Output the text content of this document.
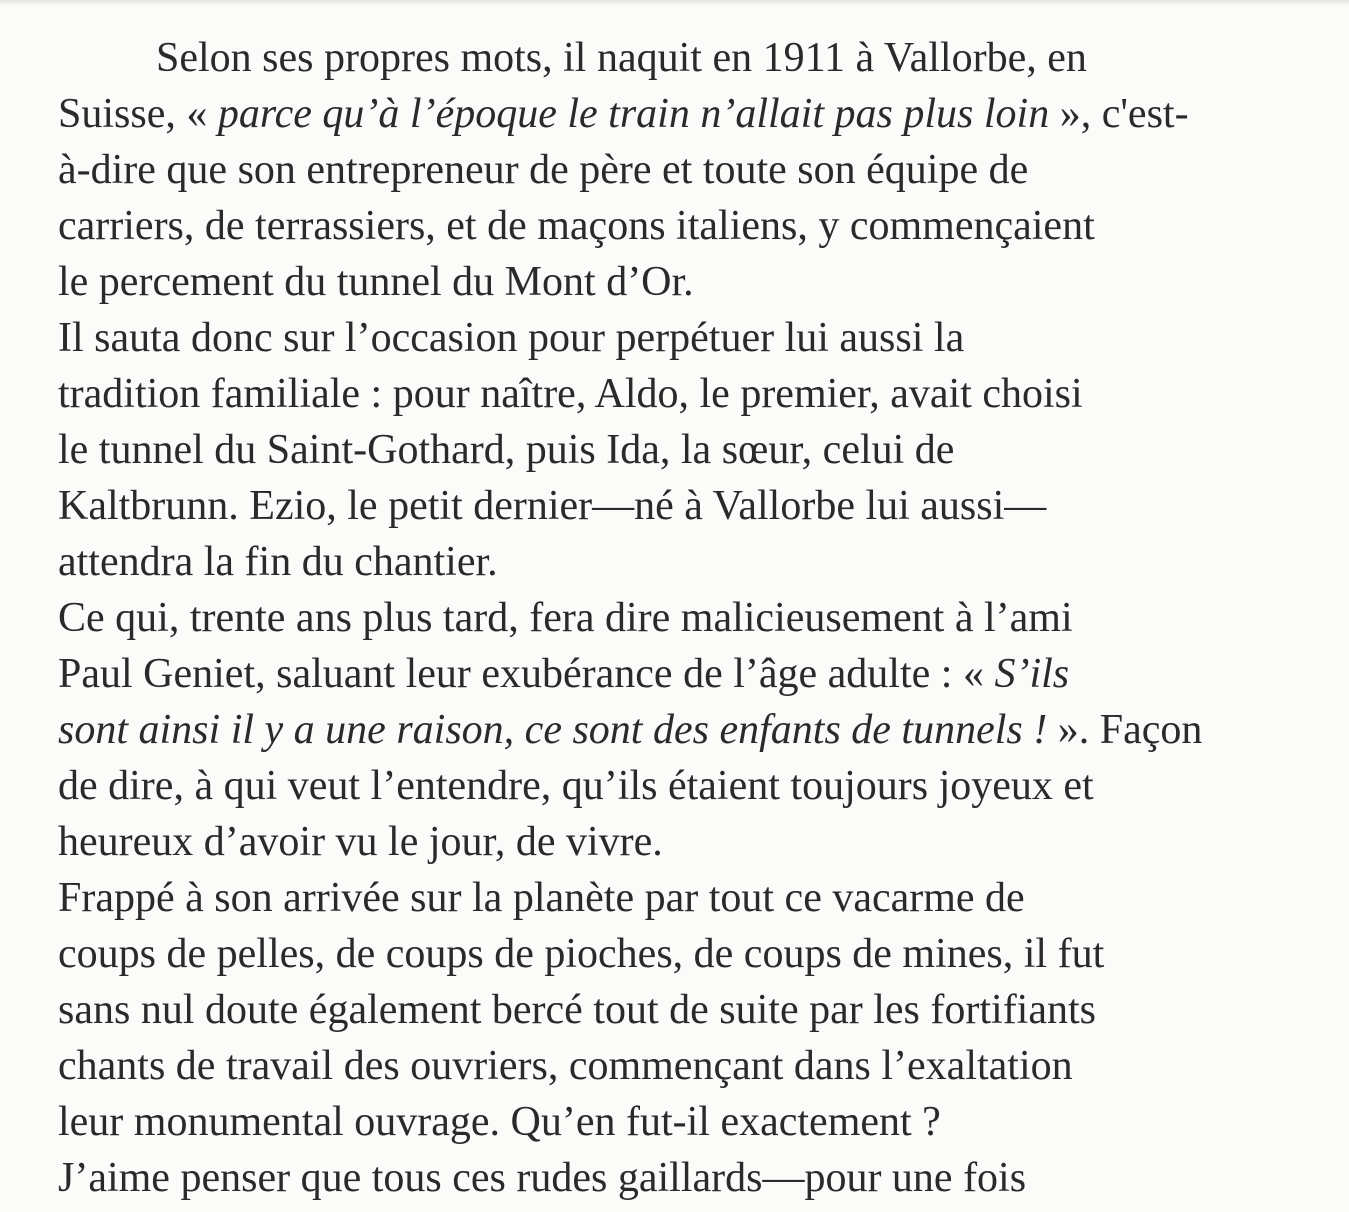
Selon ses propres mots, il naquit en 1911 à Vallorbe, en
Suisse, « parce qu’à l’époque le train n’allait pas plus loin », c'est-
à-dire que son entrepreneur de père et toute son équipe de
carriers, de terrassiers, et de maçons italiens, y commençaient
le percement du tunnel du Mont d’Or.
Il sauta donc sur l’occasion pour perpétuer lui aussi la
tradition familiale : pour naître, Aldo, le premier, avait choisi
le tunnel du Saint-Gothard, puis Ida, la sœur, celui de
Kaltbrunn. Ezio, le petit dernier—né à Vallorbe lui aussi—
attendra la fin du chantier.
Ce qui, trente ans plus tard, fera dire malicieusement à l’ami
Paul Geniet, saluant leur exubérance de l’âge adulte : « S’ils
sont ainsi il y a une raison, ce sont des enfants de tunnels ! ». Façon
de dire, à qui veut l’entendre, qu’ils étaient toujours joyeux et
heureux d’avoir vu le jour, de vivre.
Frappé à son arrivée sur la planète par tout ce vacarme de
coups de pelles, de coups de pioches, de coups de mines, il fut
sans nul doute également bercé tout de suite par les fortifiants
chants de travail des ouvriers, commençant dans l’exaltation
leur monumental ouvrage. Qu’en fut-il exactement ?
J’aime penser que tous ces rudes gaillards—pour une fois
